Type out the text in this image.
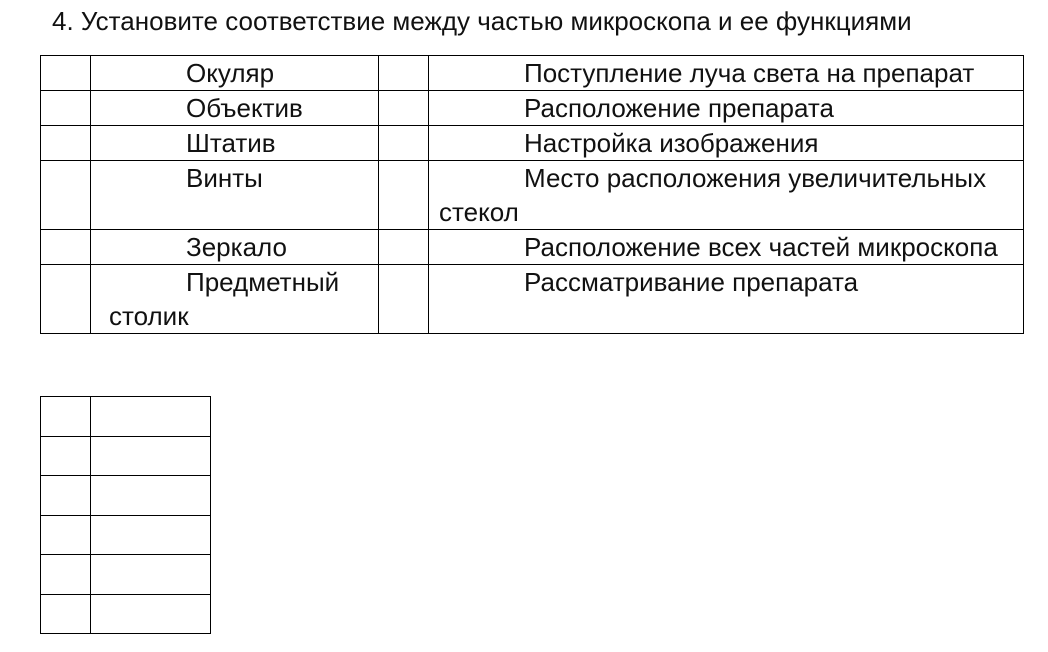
4. Установите соответствие между частью микроскопа и ее функциями
	Окуляр		Поступление луча света на препарат
	Объектив		Расположение препарата
	Штатив		Настройка изображения
	Винты		Место расположения увеличительных стекол
	Зеркало		Расположение всех частей микроскопа
	Предметный столик		Рассматривание препарата
